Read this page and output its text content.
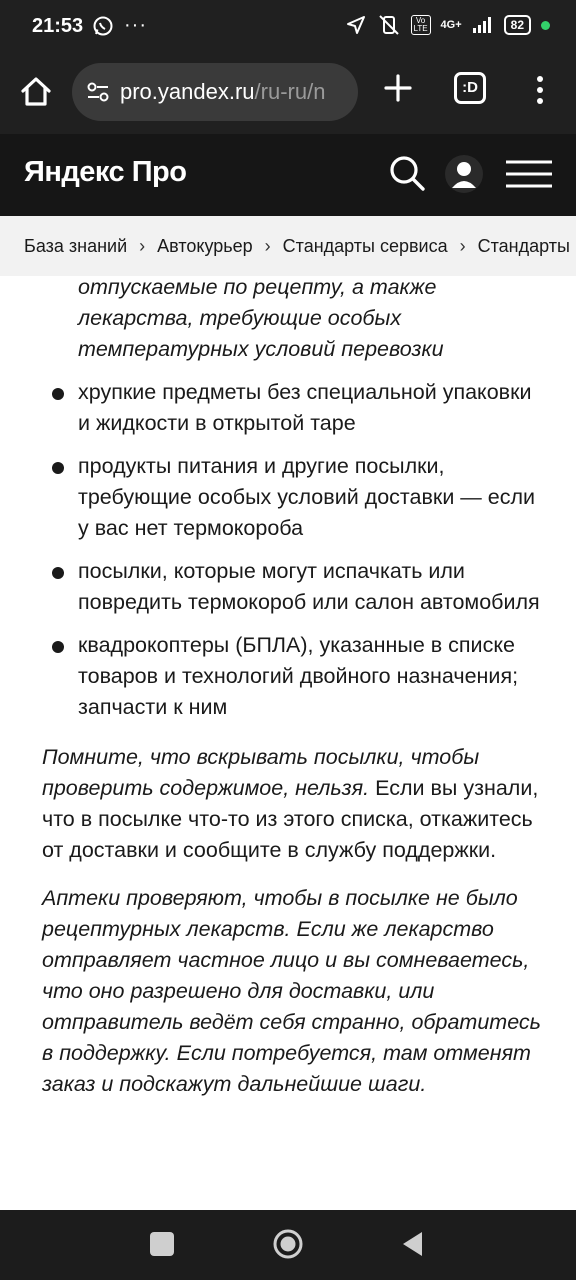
21:53 ···	Vo LTE 4G+	82
pro.yandex.ru /ru-ru/n	:D
Яндекс Про
База знаний › Автокурьер › Стандарты сервиса › Стандарты
отпускаемые по рецепту, а также лекарства, требующие особых температурных условий перевозки
хрупкие предметы без специальной упаковки и жидкости в открытой таре
продукты питания и другие посылки, требующие особых условий доставки — если у вас нет термокороба
посылки, которые могут испачкать или повредить термокороб или салон автомобиля
квадрокоптеры (БПЛА), указанные в списке товаров и технологий двойного назначения; запчасти к ним

Помните, что вскрывать посылки, чтобы проверить содержимое, нельзя. Если вы узнали, что в посылке что-то из этого списка, откажитесь от доставки и сообщите в службу поддержки.

Аптеки проверяют, чтобы в посылке не было рецептурных лекарств. Если же лекарство отправляет частное лицо и вы сомневаетесь, что оно разрешено для доставки, или отправитель ведёт себя странно, обратитесь в поддержку. Если потребуется, там отменят заказ и подскажут дальнейшие шаги.
